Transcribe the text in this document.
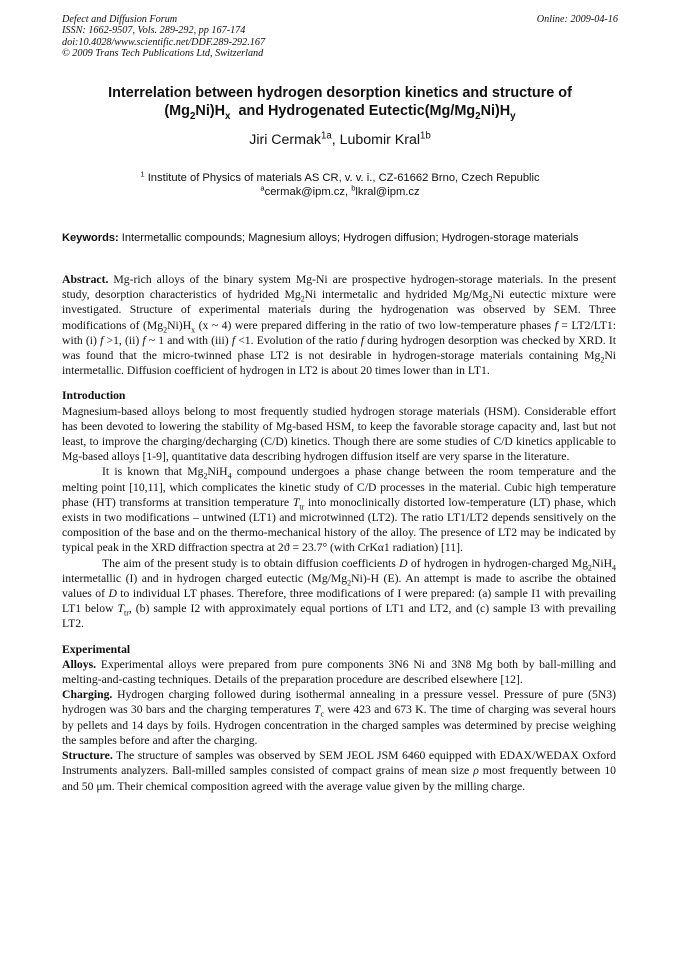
Defect and Diffusion Forum
ISSN: 1662-9507, Vols. 289-292, pp 167-174
doi:10.4028/www.scientific.net/DDF.289-292.167
© 2009 Trans Tech Publications Ltd, Switzerland
Online: 2009-04-16
Interrelation between hydrogen desorption kinetics and structure of
$(Mg_2Ni)H_x$  and Hydrogenated $Eutectic(Mg/Mg_2Ni)H_y$
Jiri Cermak$^{1a}$, Lubomir Kral$^{1b}$
$^1$ Institute of Physics of materials AS CR, v. v. i., CZ-61662 Brno, Czech Republic
$^a$cermak@ipm.cz, $^b$lkral@ipm.cz
Keywords: Intermetallic compounds; Magnesium alloys; Hydrogen diffusion; Hydrogen-storage materials

Abstract. Mg-rich alloys of the binary system Mg-Ni are prospective hydrogen-storage materials. In the present study, desorption characteristics of hydrided $Mg_2Ni$ intermetalic and hydrided $Mg/Mg_2Ni$ eutectic mixture were investigated. Structure of experimental materials during the hydrogenation was observed by SEM. Three modifications of $(Mg_2Ni)H_x$ (x ~ 4) were prepared differing in the ratio of two low-temperature phases f = LT2/LT1: with (i) f >1, (ii) f ~ 1 and with (iii) f <1. Evolution of the ratio f during hydrogen desorption was checked by XRD. It was found that the micro-twinned phase LT2 is not desirable in hydrogen-storage materials containing $Mg_2Ni$ intermetallic. Diffusion coefficient of hydrogen in LT2 is about 20 times lower than in LT1.

Introduction

Magnesium-based alloys belong to most frequently studied hydrogen storage materials (HSM). Considerable effort has been devoted to lowering the stability of Mg-based HSM, to keep the favorable storage capacity and, last but not least, to improve the charging/decharging (C/D) kinetics. Though there are some studies of C/D kinetics applicable to Mg-based alloys [1-9], quantitative data describing hydrogen diffusion itself are very sparse in the literature.

It is known that $Mg_2NiH_4$ compound undergoes a phase change between the room temperature and the melting point [10,11], which complicates the kinetic study of C/D processes in the material. Cubic high temperature phase (HT) transforms at transition temperature $T_{tr}$ into monoclinically distorted low-temperature (LT) phase, which exists in two modifications – untwined (LT1) and microtwinned (LT2). The ratio LT1/LT2 depends sensitively on the composition of the base and on the thermo-mechanical history of the alloy. The presence of LT2 may be indicated by typical peak in the XRD diffraction spectra at 2ϑ = 23.7° (with CrKα1 radiation) [11].

The aim of the present study is to obtain diffusion coefficients D of hydrogen in hydrogen-charged $Mg_2NiH_4$ intermetallic (I) and in hydrogen charged eutectic $(Mg/Mg_2Ni)-H$ (E). An attempt is made to ascribe the obtained values of D to individual LT phases. Therefore, three modifications of I were prepared: (a) sample I1 with prevailing LT1 below $T_{tr}$, (b) sample I2 with approximately equal portions of LT1 and LT2, and (c) sample I3 with prevailing LT2.

Experimental

Alloys. Experimental alloys were prepared from pure components 3N6 Ni and 3N8 Mg both by ball-milling and melting-and-casting techniques. Details of the preparation procedure are described elsewhere [12].

Charging. Hydrogen charging followed during isothermal annealing in a pressure vessel. Pressure of pure (5N3) hydrogen was 30 bars and the charging temperatures $T_c$ were 423 and 673 K. The time of charging was several hours by pellets and 14 days by foils. Hydrogen concentration in the charged samples was determined by precise weighing the samples before and after the charging.

Structure. The structure of samples was observed by SEM JEOL JSM 6460 equipped with EDAX/WEDAX Oxford Instruments analyzers. Ball-milled samples consisted of compact grains of mean size ρ most frequently between 10 and 50 μm. Their chemical composition agreed with the average value given by the milling charge.
